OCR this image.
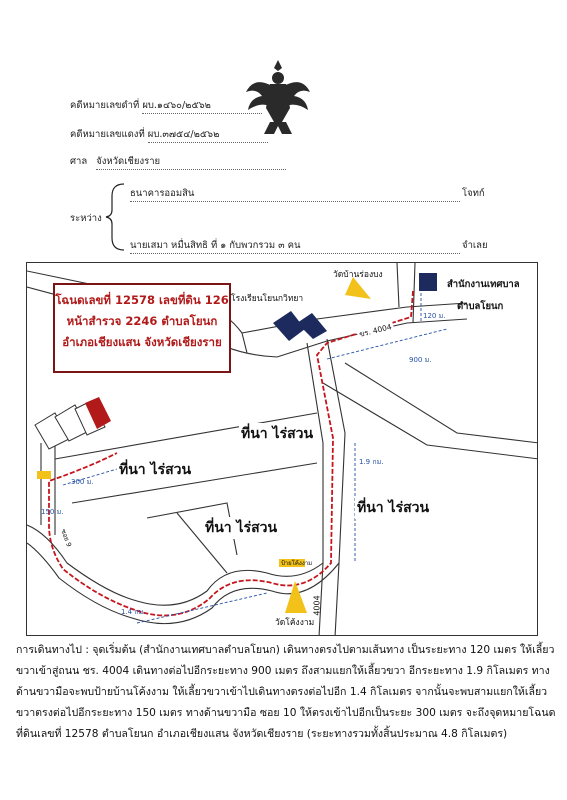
คดีหมายเลขดำที่ ผบ.๑๔๖๐/๒๕๖๒
คดีหมายเลขแดงที่ ผบ.๓๗๕๔/๒๕๖๒
ศาล จังหวัดเชียงราย
ระหว่าง
ธนาคารออมสิน	โจทก์
นายเสมา หมื่นสิทธิ ที่ ๑ กับพวกรวม ๓ คน	จำเลย
โฉนดเลขที่ 12578 เลขที่ดิน 126
หน้าสำรวจ 2246 ตำบลโยนก
อำเภอเชียงแสน จังหวัดเชียงราย
สำนักงานเทศบาล
ตำบลโยนก
วัดบ้านร่องบง
โรงเรียนโยนกวิทยา
วัดโค้งงาม
ป้ายโค้งงาม
ที่นา ไร่สวน
ที่นา ไร่สวน
ที่นา ไร่สวน
ที่นา ไร่สวน
ขร. 4004
4004
ซอย 9
120 ม.
900 ม.
1.9 กม.
1.4 กม.
300 ม.
150 ม.
การเดินทางไป : จุดเริ่มต้น (สำนักงานเทศบาลตำบลโยนก) เดินทางตรงไปตามเส้นทาง เป็นระยะทาง 120 เมตร ให้เลี้ยวขวาเข้าสู่ถนน ชร. 4004 เดินทางต่อไปอีกระยะทาง 900 เมตร ถึงสามแยกให้เลี้ยวขวา อีกระยะทาง 1.9 กิโลเมตร ทางด้านขวามือจะพบป้ายบ้านโค้งงาม ให้เลี้ยวขวาเข้าไปเดินทางตรงต่อไปอีก 1.4 กิโลเมตร จากนั้นจะพบสามแยกให้เลี้ยวขวาตรงต่อไปอีกระยะทาง 150 เมตร ทางด้านขวามือ ซอย 10 ให้ตรงเข้าไปอีกเป็นระยะ 300 เมตร จะถึงจุดหมายโฉนดที่ดินเลขที่ 12578 ตำบลโยนก อำเภอเชียงแสน จังหวัดเชียงราย (ระยะทางรวมทั้งสิ้นประมาณ 4.8 กิโลเมตร)
